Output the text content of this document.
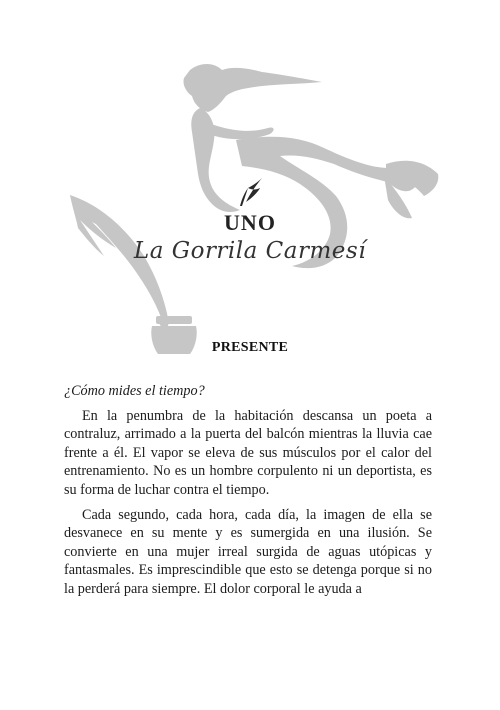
UNO
La Gorrila Carmesí
PRESENTE

¿Cómo mides el tiempo?

En la penumbra de la habitación descansa un poeta a contraluz, arrimado a la puerta del balcón mientras la lluvia cae frente a él. El vapor se eleva de sus músculos por el calor del entrenamiento. No es un hombre corpulento ni un deportista, es su forma de luchar contra el tiempo.

Cada segundo, cada hora, cada día, la imagen de ella se desvanece en su mente y es sumergida en una ilusión. Se convierte en una mujer irreal surgida de aguas utópicas y fantasmales. Es imprescindible que esto se detenga porque si no la perderá para siempre. El dolor corporal le ayuda a
